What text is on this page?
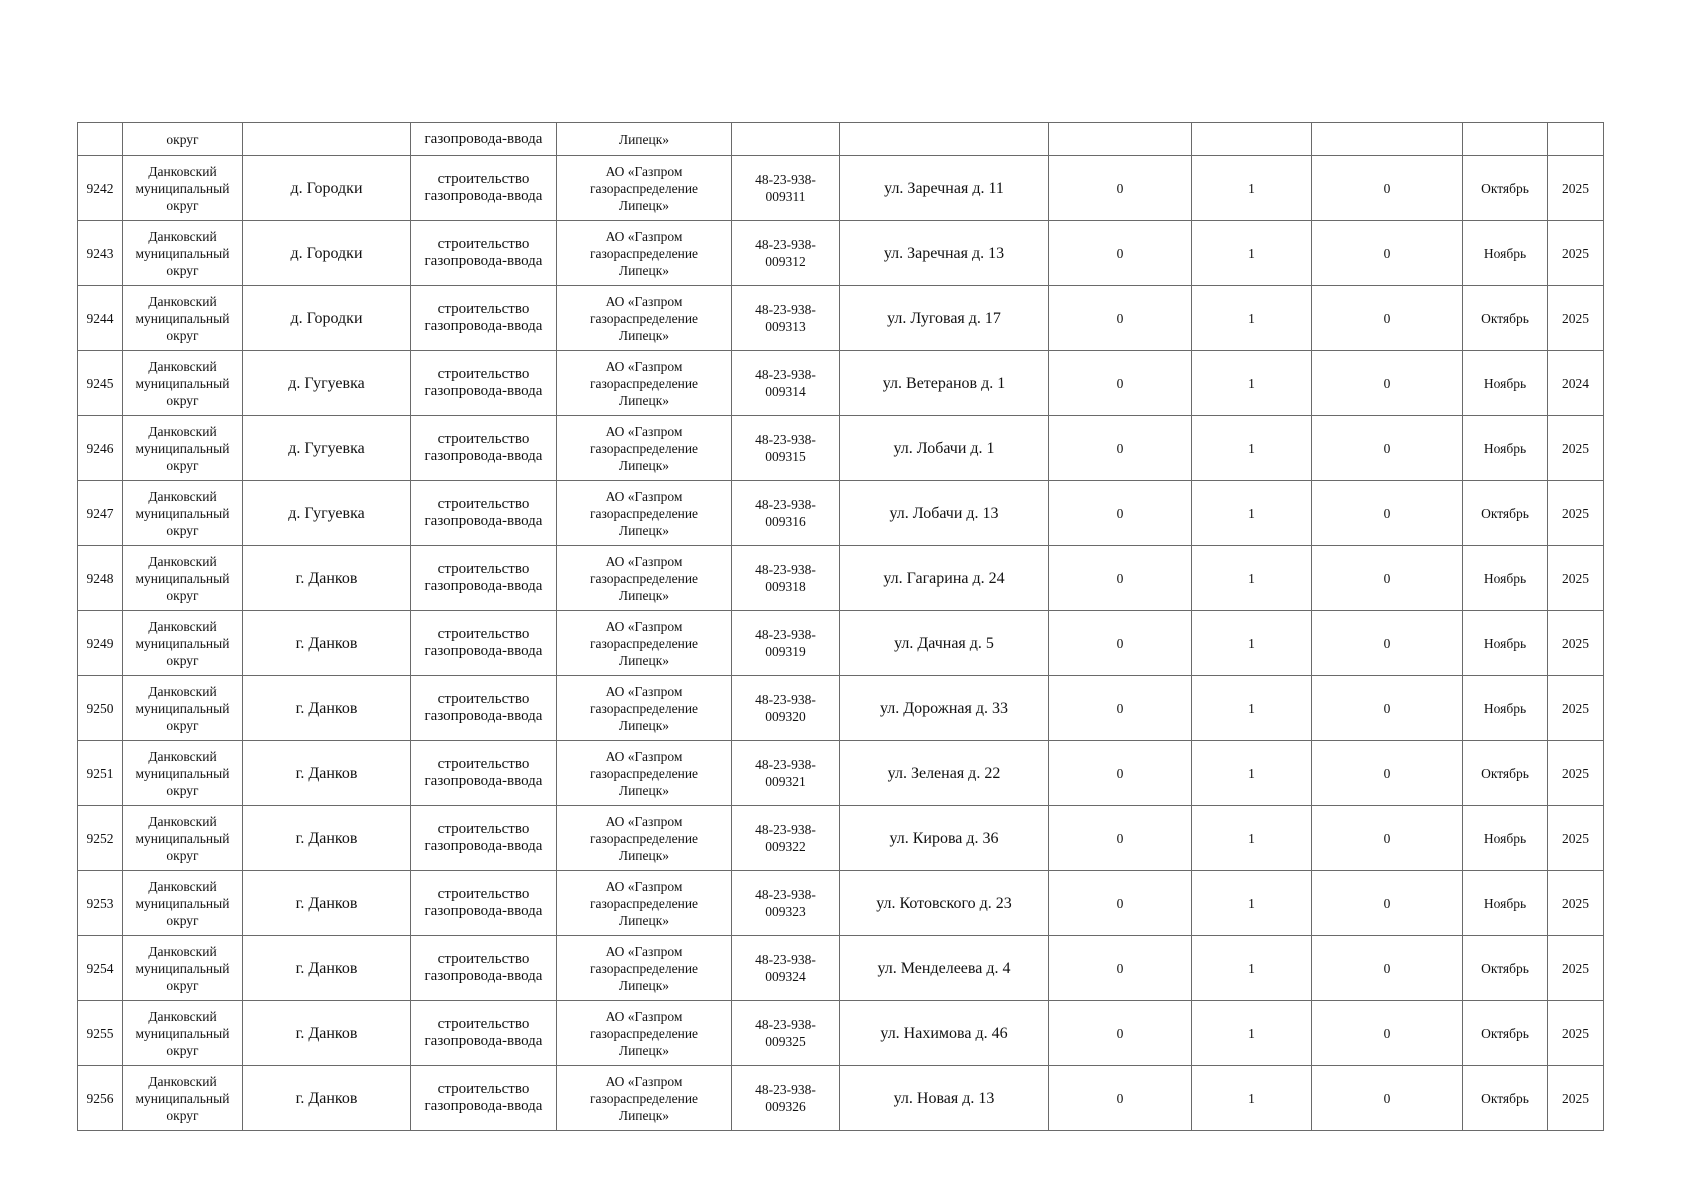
	округ		газопровода-ввода	Липецк»							
9242	Данковский
муниципальный
округ	д. Городки	строительство
газопровода-ввода	АО «Газпром
газораспределение
Липецк»	48-23-938-
009311	ул. Заречная д. 11	0	1	0	Октябрь	2025
9243	Данковский
муниципальный
округ	д. Городки	строительство
газопровода-ввода	АО «Газпром
газораспределение
Липецк»	48-23-938-
009312	ул. Заречная д. 13	0	1	0	Ноябрь	2025
9244	Данковский
муниципальный
округ	д. Городки	строительство
газопровода-ввода	АО «Газпром
газораспределение
Липецк»	48-23-938-
009313	ул. Луговая д. 17	0	1	0	Октябрь	2025
9245	Данковский
муниципальный
округ	д. Гугуевка	строительство
газопровода-ввода	АО «Газпром
газораспределение
Липецк»	48-23-938-
009314	ул. Ветеранов д. 1	0	1	0	Ноябрь	2024
9246	Данковский
муниципальный
округ	д. Гугуевка	строительство
газопровода-ввода	АО «Газпром
газораспределение
Липецк»	48-23-938-
009315	ул. Лобачи д. 1	0	1	0	Ноябрь	2025
9247	Данковский
муниципальный
округ	д. Гугуевка	строительство
газопровода-ввода	АО «Газпром
газораспределение
Липецк»	48-23-938-
009316	ул. Лобачи д. 13	0	1	0	Октябрь	2025
9248	Данковский
муниципальный
округ	г. Данков	строительство
газопровода-ввода	АО «Газпром
газораспределение
Липецк»	48-23-938-
009318	ул. Гагарина д. 24	0	1	0	Ноябрь	2025
9249	Данковский
муниципальный
округ	г. Данков	строительство
газопровода-ввода	АО «Газпром
газораспределение
Липецк»	48-23-938-
009319	ул. Дачная д. 5	0	1	0	Ноябрь	2025
9250	Данковский
муниципальный
округ	г. Данков	строительство
газопровода-ввода	АО «Газпром
газораспределение
Липецк»	48-23-938-
009320	ул. Дорожная д. 33	0	1	0	Ноябрь	2025
9251	Данковский
муниципальный
округ	г. Данков	строительство
газопровода-ввода	АО «Газпром
газораспределение
Липецк»	48-23-938-
009321	ул. Зеленая д. 22	0	1	0	Октябрь	2025
9252	Данковский
муниципальный
округ	г. Данков	строительство
газопровода-ввода	АО «Газпром
газораспределение
Липецк»	48-23-938-
009322	ул. Кирова д. 36	0	1	0	Ноябрь	2025
9253	Данковский
муниципальный
округ	г. Данков	строительство
газопровода-ввода	АО «Газпром
газораспределение
Липецк»	48-23-938-
009323	ул. Котовского д. 23	0	1	0	Ноябрь	2025
9254	Данковский
муниципальный
округ	г. Данков	строительство
газопровода-ввода	АО «Газпром
газораспределение
Липецк»	48-23-938-
009324	ул. Менделеева д. 4	0	1	0	Октябрь	2025
9255	Данковский
муниципальный
округ	г. Данков	строительство
газопровода-ввода	АО «Газпром
газораспределение
Липецк»	48-23-938-
009325	ул. Нахимова д. 46	0	1	0	Октябрь	2025
9256	Данковский
муниципальный
округ	г. Данков	строительство
газопровода-ввода	АО «Газпром
газораспределение
Липецк»	48-23-938-
009326	ул. Новая д. 13	0	1	0	Октябрь	2025
